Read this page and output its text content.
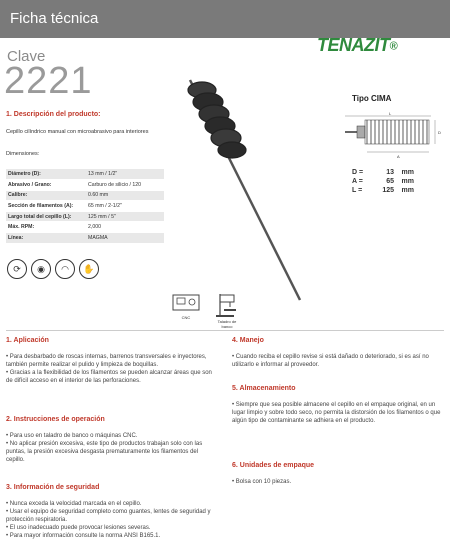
Ficha técnica
Clave
2221
TENAZIT®
Tipo CIMA
L
A
D
D =	13	mm
A =	65	mm
L =	125	mm
1. Descripción del producto:
Cepillo cilíndrico manual con microabrasivo para interiores
Dimensiones:
Diámetro (D):	13 mm / 1/2"
Abrasivo / Grano:	Carburo de silicio / 120
Calibre:	0.60 mm
Sección de filamentos (A):	65 mm / 2-1/2"
Largo total del cepillo (L):	125 mm / 5"
Máx. RPM:	2,000
Línea:	MAGMA
⟳	◉	◠	✋
CNC
Taladro de banco
1. Aplicación
• Para desbarbado de roscas internas, barrenos transversales e inyectores, también permite realizar el pulido y limpieza de boquillas.
• Gracias a la flexibilidad de los filamentos se pueden alcanzar áreas que son de difícil acceso en el interior de las perforaciones.
2. Instrucciones de operación
• Para uso en taladro de banco o máquinas CNC.
• No aplicar presión excesiva, este tipo de productos trabajan solo con las puntas, la presión excesiva desgasta prematuramente los filamentos del cepillo.
3. Información de seguridad
• Nunca exceda la velocidad marcada en el cepillo.
• Usar el equipo de seguridad completo como guantes, lentes de seguridad y protección respiratoria.
• El uso inadecuado puede provocar lesiones severas.
• Para mayor información consulte la norma ANSI B165.1.
4. Manejo
• Cuando reciba el cepillo revise si está dañado o deteriorado, si es así no utilizarlo e informar al proveedor.
5. Almacenamiento
• Siempre que sea posible almacene el cepillo en el empaque original, en un lugar limpio y sobre todo seco, no permita la distorsión de los filamentos o que algún tipo de contaminante se adhiera en el producto.
6. Unidades de empaque
• Bolsa con 10 piezas.
